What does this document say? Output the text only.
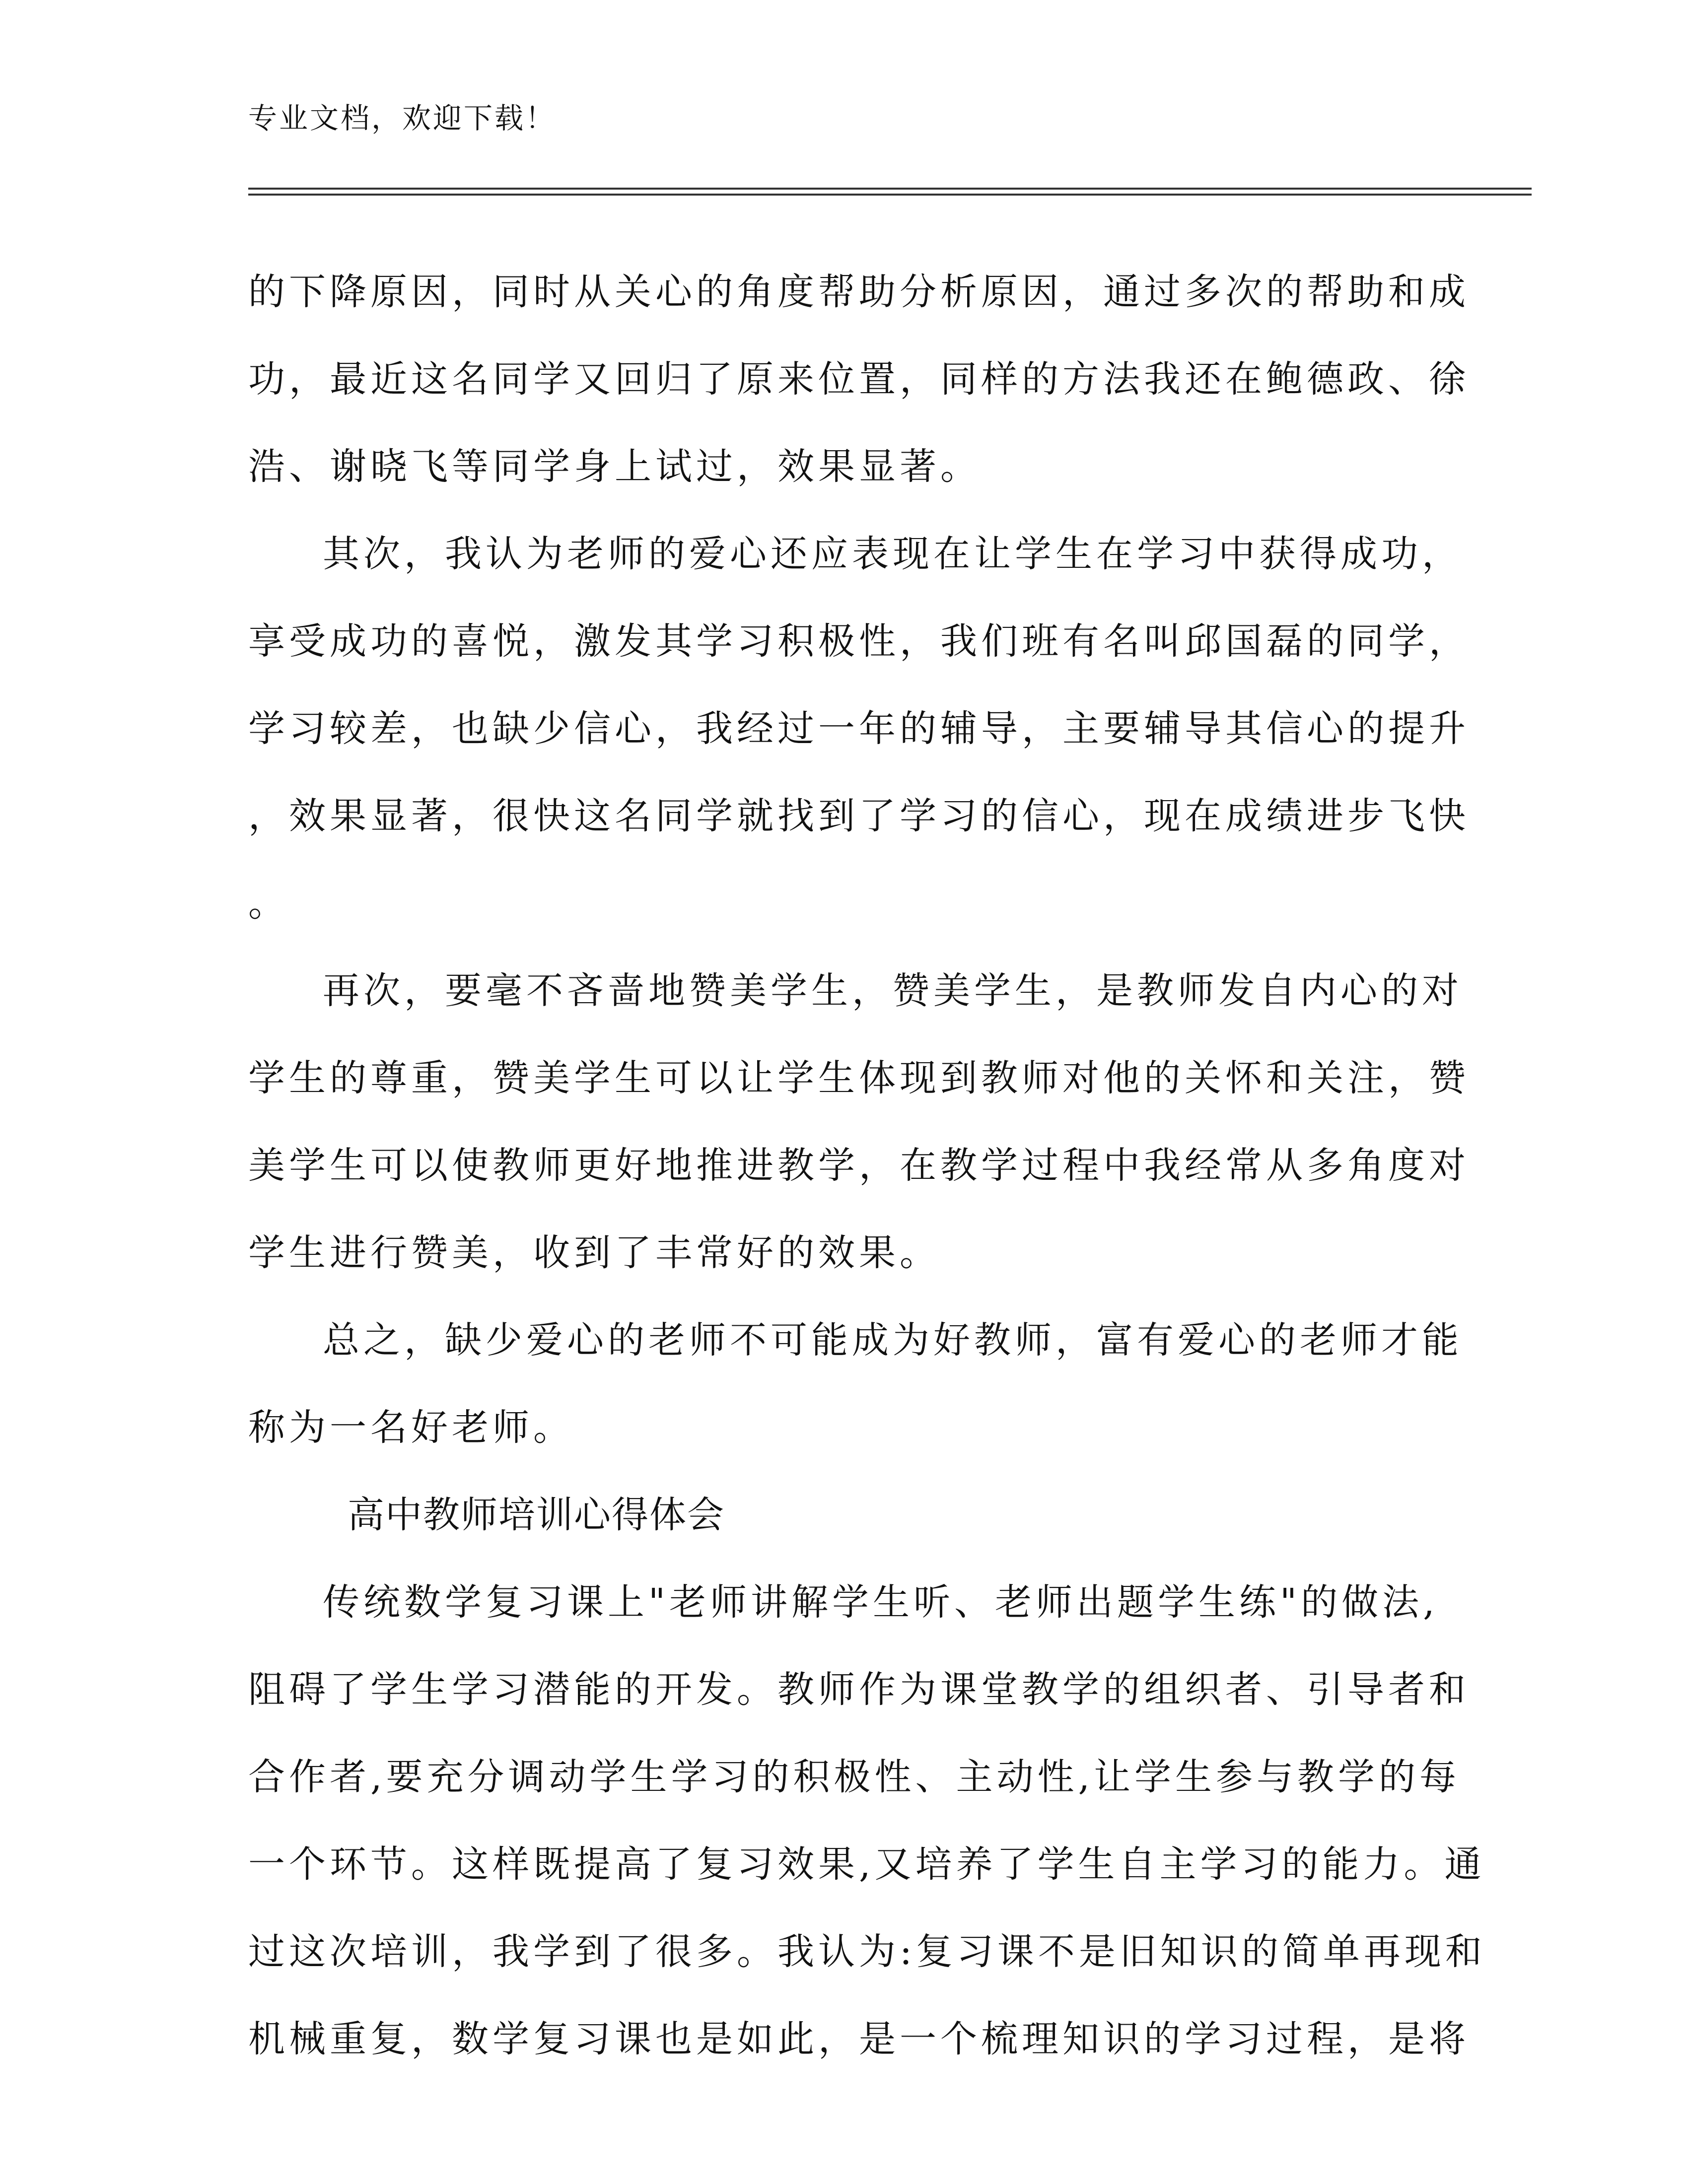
专业文档，欢迎下载！
的下降原因，同时从关心的角度帮助分析原因，通过多次的帮助和成
功，最近这名同学又回归了原来位置，同样的方法我还在鲍德政、徐
浩、谢晓飞等同学身上试过，效果显著。
其次，我认为老师的爱心还应表现在让学生在学习中获得成功，
享受成功的喜悦，激发其学习积极性，我们班有名叫邱国磊的同学，
学习较差，也缺少信心，我经过一年的辅导，主要辅导其信心的提升
，效果显著，很快这名同学就找到了学习的信心，现在成绩进步飞快
。
再次，要毫不吝啬地赞美学生，赞美学生，是教师发自内心的对
学生的尊重，赞美学生可以让学生体现到教师对他的关怀和关注，赞
美学生可以使教师更好地推进教学，在教学过程中我经常从多角度对
学生进行赞美，收到了丰常好的效果。
总之，缺少爱心的老师不可能成为好教师，富有爱心的老师才能
称为一名好老师。
高中教师培训心得体会
传统数学复习课上"老师讲解学生听、老师出题学生练"的做法,
阻碍了学生学习潜能的开发。教师作为课堂教学的组织者、引导者和
合作者,要充分调动学生学习的积极性、主动性,让学生参与教学的每
一个环节。这样既提高了复习效果,又培养了学生自主学习的能力。通
过这次培训，我学到了很多。我认为:复习课不是旧知识的简单再现和
机械重复，数学复习课也是如此，是一个梳理知识的学习过程，是将
